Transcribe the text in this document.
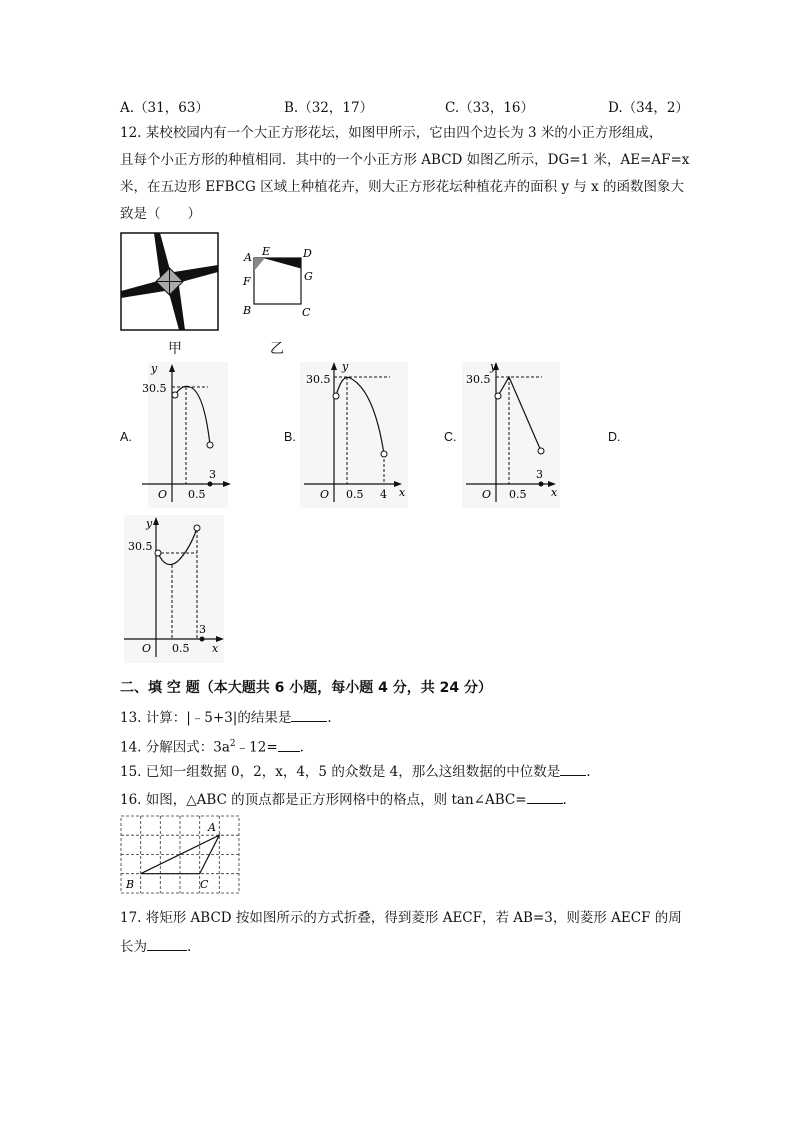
A.（31，63）	B.（32，17）	C.（33，16）	D.（34，2）
12. 某校校园内有一个大正方形花坛，如图甲所示，它由四个边长为 3 米的小正方形组成，
且每个小正方形的种植相同．其中的一个小正方形 ABCD 如图乙所示，DG=1 米，AE=AF=x
米，在五边形 EFBCG 区域上种植花卉，则大正方形花坛种植花卉的面积 y 与 x 的函数图象大
致是（　　）
甲
A E	D
F	G
B	C
乙
A.	B.	C.	D.
y
30.5
O 0.5
3
y
30.5
O 0.5 4 x
y
30.5
O 0.5
3
x
y
30.5
O 0.5
3
x
二、填 空 题（本大题共 6 小题，每小题 4 分，共 24 分）
13. 计算：|﹣5+3|的结果是	.
14. 分解因式：$3a^2﹣12=$ .
15. 已知一组数据 0，2，x，4，5 的众数是 4，那么这组数据的中位数是 .
16. 如图，△ABC 的顶点都是正方形网格中的格点，则 tan∠ABC=	.
A
B	C
17. 将矩形 ABCD 按如图所示的方式折叠，得到菱形 AECF，若 AB=3，则菱形 AECF 的周
长为	.
